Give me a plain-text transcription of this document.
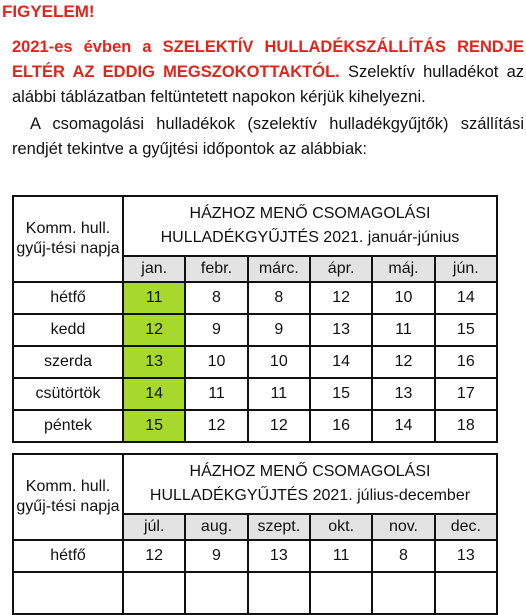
FIGYELEM!
2021-es évben a SZELEKTÍV HULLADÉKSZÁLLÍTÁS RENDJE ELTÉR AZ EDDIG MEGSZOKOTTAKTÓL. Szelektív hulladékot az alábbi táblázatban feltüntetett napokon kérjük kihelyezni.
A csomagolási hulladékok (szelektív hulladékgyűjtők) szállítási rendjét tekintve a gyűjtési időpontok az alábbiak:
Komm. hull. gyűj-tési napja	HÁZHOZ MENŐ CSOMAGOLÁSI
HULLADÉKGYŰJTÉS 2021. január-június					

	jan.	febr.	márc.	ápr.	máj.	jún.
hétfő	11	8	8	12	10	14
kedd	12	9	9	13	11	15
szerda	13	10	10	14	12	16
csütörtök	14	11	11	15	13	17
péntek	15	12	12	16	14	18
Komm. hull. gyűj-tési napja	HÁZHOZ MENŐ CSOMAGOLÁSI
HULLADÉKGYŰJTÉS 2021. július-december					

	júl.	aug.	szept.	okt.	nov.	dec.
hétfő	12	9	13	11	8	13
